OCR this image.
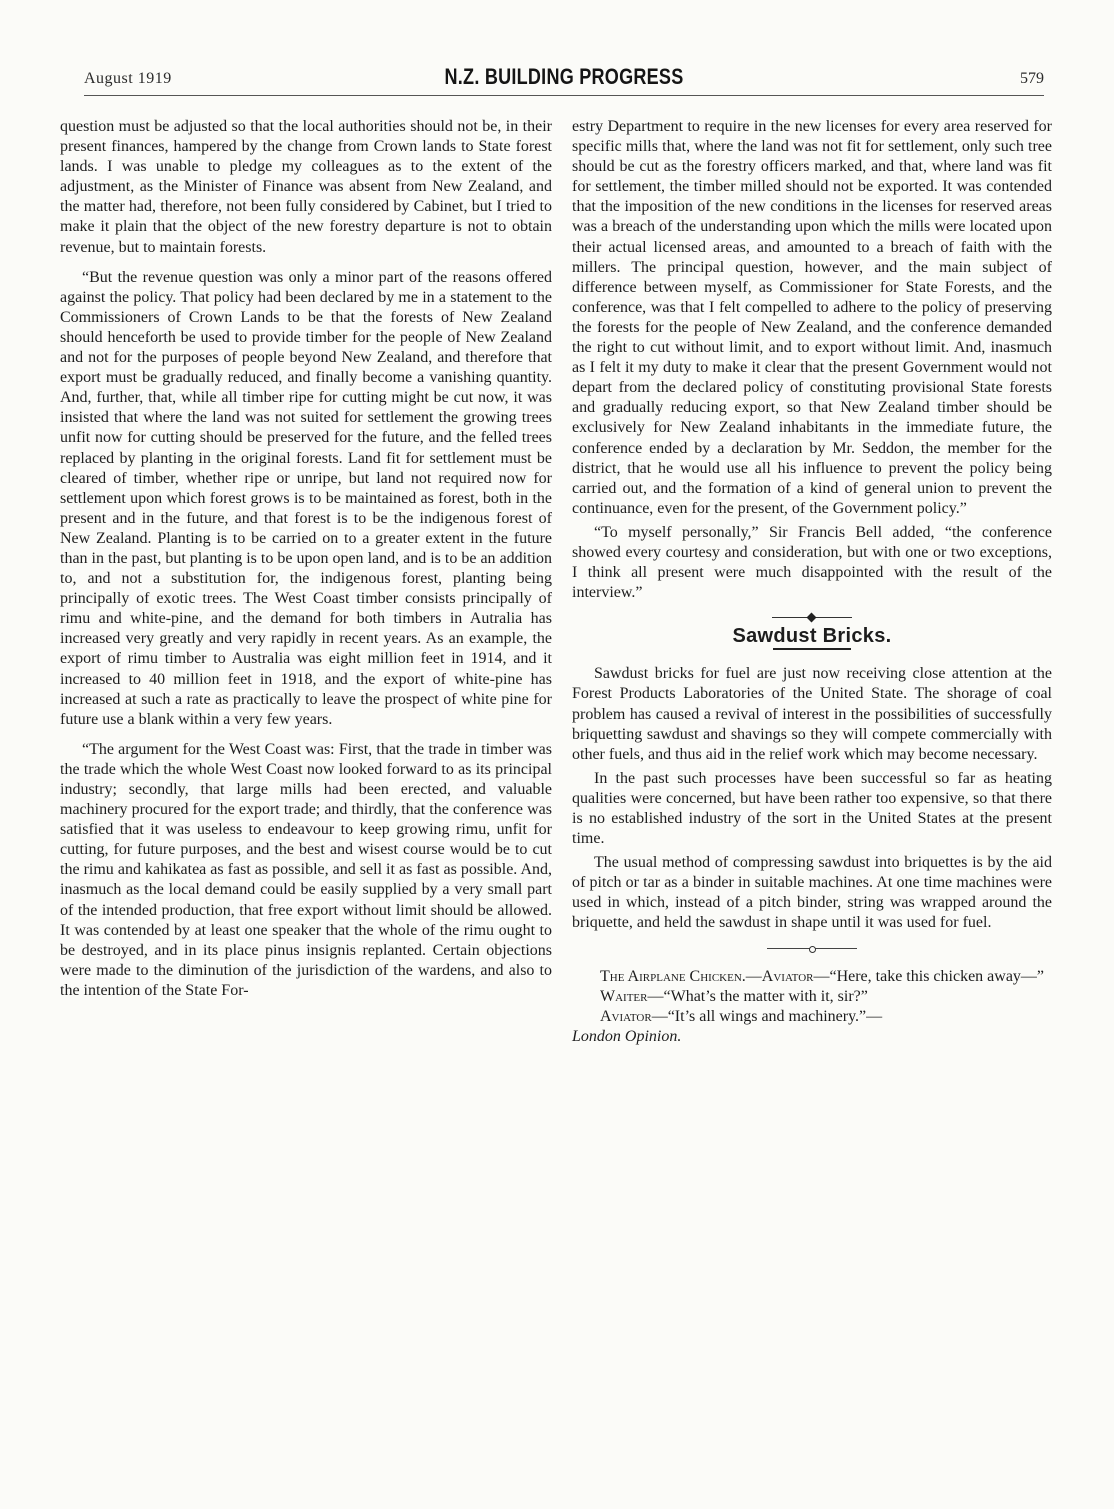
August 1919	N.Z. BUILDING PROGRESS	579

question must be adjusted so that the local authorities should not be, in their present finances, hampered by the change from Crown lands to State forest lands. I was unable to pledge my colleagues as to the extent of the adjustment, as the Minister of Finance was absent from New Zealand, and the matter had, therefore, not been fully considered by Cabinet, but I tried to make it plain that the object of the new forestry departure is not to obtain revenue, but to maintain forests.

“But the revenue question was only a minor part of the reasons offered against the policy. That policy had been declared by me in a statement to the Commissioners of Crown Lands to be that the forests of New Zealand should henceforth be used to provide timber for the people of New Zealand and not for the purposes of people beyond New Zealand, and therefore that export must be gradually reduced, and finally become a vanishing quantity. And, further, that, while all timber ripe for cutting might be cut now, it was insisted that where the land was not suited for settlement the growing trees unfit now for cutting should be preserved for the future, and the felled trees replaced by planting in the original forests. Land fit for settlement must be cleared of timber, whether ripe or unripe, but land not required now for settlement upon which forest grows is to be maintained as forest, both in the present and in the future, and that forest is to be the indigenous forest of New Zealand. Planting is to be carried on to a greater extent in the future than in the past, but planting is to be upon open land, and is to be an addition to, and not a substitution for, the indigenous forest, planting being principally of exotic trees. The West Coast timber consists principally of rimu and white-pine, and the demand for both timbers in Autralia has increased very greatly and very rapidly in recent years. As an example, the export of rimu timber to Australia was eight million feet in 1914, and it increased to 40 million feet in 1918, and the export of white-pine has increased at such a rate as practically to leave the prospect of white pine for future use a blank within a very few years.

“The argument for the West Coast was: First, that the trade in timber was the trade which the whole West Coast now looked forward to as its principal industry; secondly, that large mills had been erected, and valuable machinery procured for the export trade; and thirdly, that the conference was satisfied that it was useless to endeavour to keep growing rimu, unfit for cutting, for future purposes, and the best and wisest course would be to cut the rimu and kahikatea as fast as possible, and sell it as fast as possible. And, inasmuch as the local demand could be easily supplied by a very small part of the intended production, that free export without limit should be allowed. It was contended by at least one speaker that the whole of the rimu ought to be destroyed, and in its place pinus insignis replanted. Certain objections were made to the diminution of the jurisdiction of the wardens, and also to the intention of the State For-

estry Department to require in the new licenses for every area reserved for specific mills that, where the land was not fit for settlement, only such tree should be cut as the forestry officers marked, and that, where land was fit for settlement, the timber milled should not be exported. It was contended that the imposition of the new conditions in the licenses for reserved areas was a breach of the understanding upon which the mills were located upon their actual licensed areas, and amounted to a breach of faith with the millers. The principal question, however, and the main subject of difference between myself, as Commissioner for State Forests, and the conference, was that I felt compelled to adhere to the policy of preserving the forests for the people of New Zealand, and the conference demanded the right to cut without limit, and to export without limit. And, inasmuch as I felt it my duty to make it clear that the present Government would not depart from the declared policy of constituting provisional State forests and gradually reducing export, so that New Zealand timber should be exclusively for New Zealand inhabitants in the immediate future, the conference ended by a declaration by Mr. Seddon, the member for the district, that he would use all his influence to prevent the policy being carried out, and the formation of a kind of general union to prevent the continuance, even for the present, of the Government policy.”

“To myself personally,” Sir Francis Bell added, “the conference showed every courtesy and consideration, but with one or two exceptions, I think all present were much disappointed with the result of the interview.”

Sawdust Bricks.

Sawdust bricks for fuel are just now receiving close attention at the Forest Products Laboratories of the United State. The shorage of coal problem has caused a revival of interest in the possibilities of successfully briquetting sawdust and shavings so they will compete commercially with other fuels, and thus aid in the relief work which may become necessary.

In the past such processes have been successful so far as heating qualities were concerned, but have been rather too expensive, so that there is no established industry of the sort in the United States at the present time.

The usual method of compressing sawdust into briquettes is by the aid of pitch or tar as a binder in suitable machines. At one time machines were used in which, instead of a pitch binder, string was wrapped around the briquette, and held the sawdust in shape until it was used for fuel.

The Airplane Chicken.—Aviator—“Here, take this chicken away—”

Waiter—“What’s the matter with it, sir?”

Aviator—“It’s all wings and machinery.”—

London Opinion.
